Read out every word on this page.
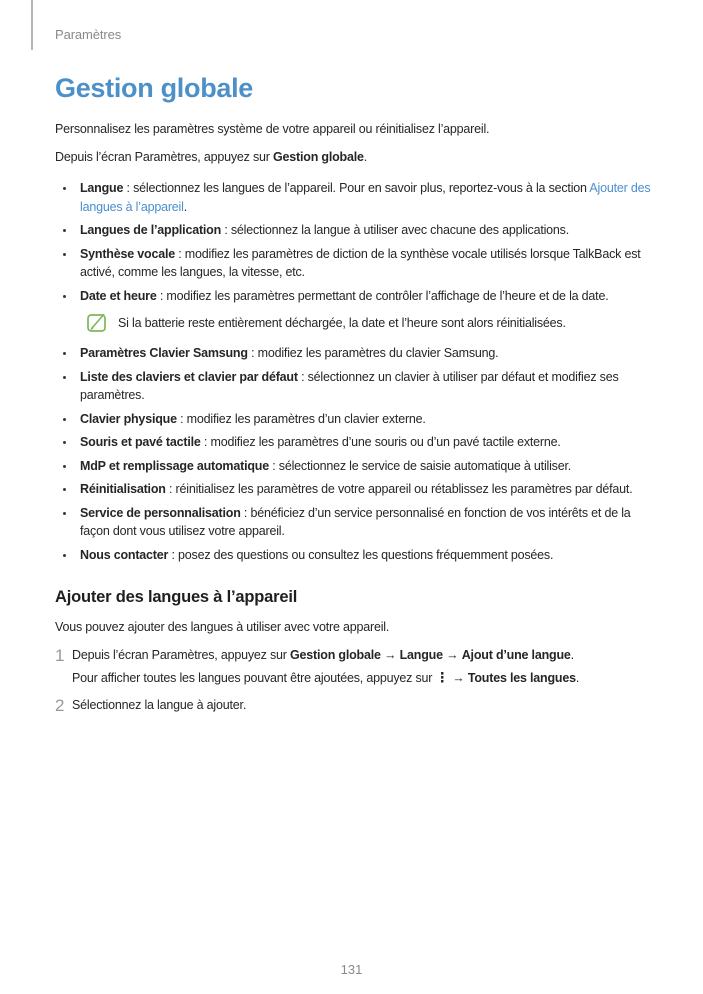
Paramètres
Gestion globale

Personnalisez les paramètres système de votre appareil ou réinitialisez l’appareil.

Depuis l’écran Paramètres, appuyez sur Gestion globale.

Langue : sélectionnez les langues de l’appareil. Pour en savoir plus, reportez-vous à la section Ajouter des langues à l’appareil.
Langues de l’application : sélectionnez la langue à utiliser avec chacune des applications.
Synthèse vocale : modifiez les paramètres de diction de la synthèse vocale utilisés lorsque TalkBack est activé, comme les langues, la vitesse, etc.
Date et heure : modifiez les paramètres permettant de contrôler l’affichage de l’heure et de la date.
Si la batterie reste entièrement déchargée, la date et l’heure sont alors réinitialisées.
Paramètres Clavier Samsung : modifiez les paramètres du clavier Samsung.
Liste des claviers et clavier par défaut : sélectionnez un clavier à utiliser par défaut et modifiez ses paramètres.
Clavier physique : modifiez les paramètres d’un clavier externe.
Souris et pavé tactile : modifiez les paramètres d’une souris ou d’un pavé tactile externe.
MdP et remplissage automatique : sélectionnez le service de saisie automatique à utiliser.
Réinitialisation : réinitialisez les paramètres de votre appareil ou rétablissez les paramètres par défaut.
Service de personnalisation : bénéficiez d’un service personnalisé en fonction de vos intérêts et de la façon dont vous utilisez votre appareil.
Nous contacter : posez des questions ou consultez les questions fréquemment posées.
Ajouter des langues à l’appareil

Vous pouvez ajouter des langues à utiliser avec votre appareil.

1 Depuis l’écran Paramètres, appuyez sur Gestion globale → Langue → Ajout d’une langue.
Pour afficher toutes les langues pouvant être ajoutées, appuyez sur ⋮ → Toutes les langues.
2 Sélectionnez la langue à ajouter.
131
